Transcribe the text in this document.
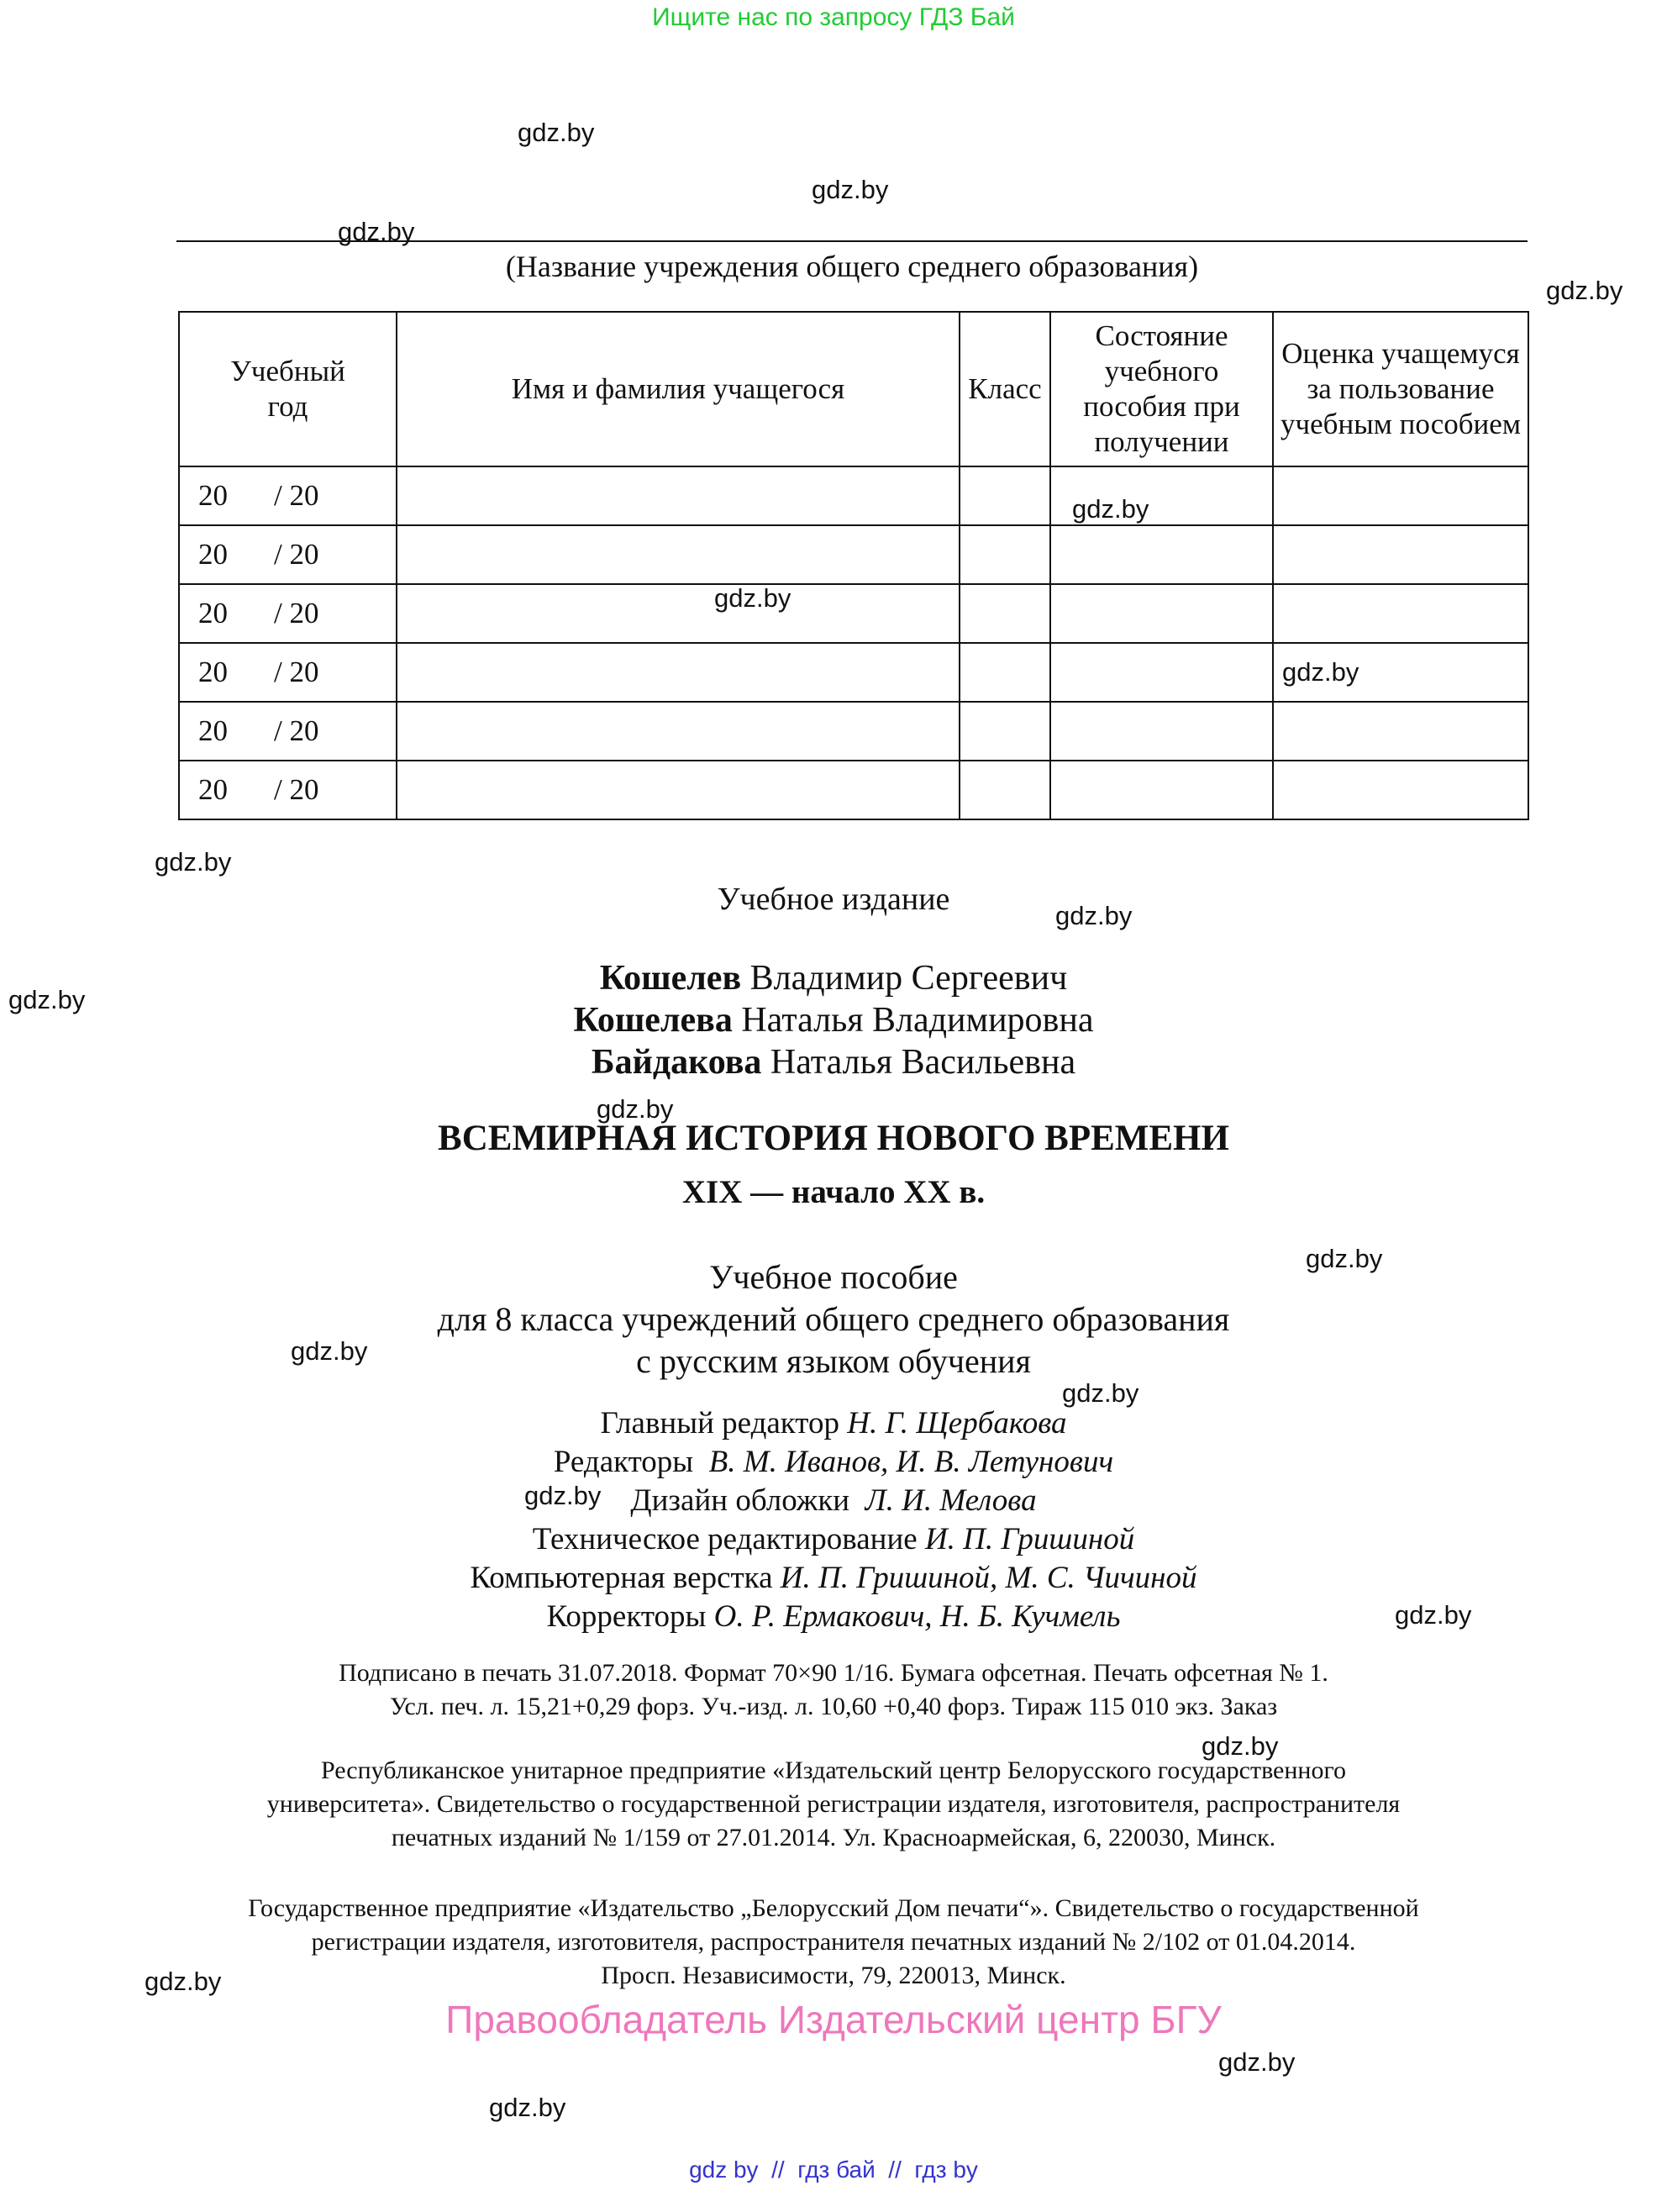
Ищите нас по запросу ГДЗ Бай
gdz.by
gdz.by
gdz.by
gdz.by
gdz.by
gdz.by
gdz.by
gdz.by
gdz.by
gdz.by
gdz.by
gdz.by
gdz.by
gdz.by
gdz.by
gdz.by
gdz.by
gdz.by
gdz.by
gdz.by
(Название учреждения общего среднего образования)
Учебный год	Имя и фамилия учащегося	Класс	Состояние учебного пособия при получении	Оценка учащемуся за пользование учебным пособием
20 / 20				
20 / 20				
20 / 20				
20 / 20				
20 / 20				
20 / 20				
Учебное издание
Кошелев Владимир Сергеевич
Кошелева Наталья Владимировна
Байдакова Наталья Васильевна
ВСЕМИРНАЯ ИСТОРИЯ НОВОГО ВРЕМЕНИ
XIX — начало XX в.
Учебное пособие
для 8 класса учреждений общего среднего образования
с русским языком обучения
Главный редактор Н. Г. Щербакова
Редакторы В. М. Иванов, И. В. Летунович
Дизайн обложки Л. И. Мелова
Техническое редактирование И. П. Гришиной
Компьютерная верстка И. П. Гришиной, М. С. Чичиной
Корректоры О. Р. Ермакович, Н. Б. Кучмель
Подписано в печать 31.07.2018. Формат 70×90 1/16. Бумага офсетная. Печать офсетная № 1.
Усл. печ. л. 15,21+0,29 форз. Уч.-изд. л. 10,60 +0,40 форз. Тираж 115 010 экз. Заказ
Республиканское унитарное предприятие «Издательский центр Белорусского государственного
университета». Свидетельство о государственной регистрации издателя, изготовителя, распространителя
печатных изданий № 1/159 от 27.01.2014. Ул. Красноармейская, 6, 220030, Минск.
Государственное предприятие «Издательство „Белорусский Дом печати“». Свидетельство о государственной
регистрации издателя, изготовителя, распространителя печатных изданий № 2/102 от 01.04.2014.
Просп. Независимости, 79, 220013, Минск.
Правообладатель Издательский центр БГУ
gdz by  //  гдз бай  //  гдз by
